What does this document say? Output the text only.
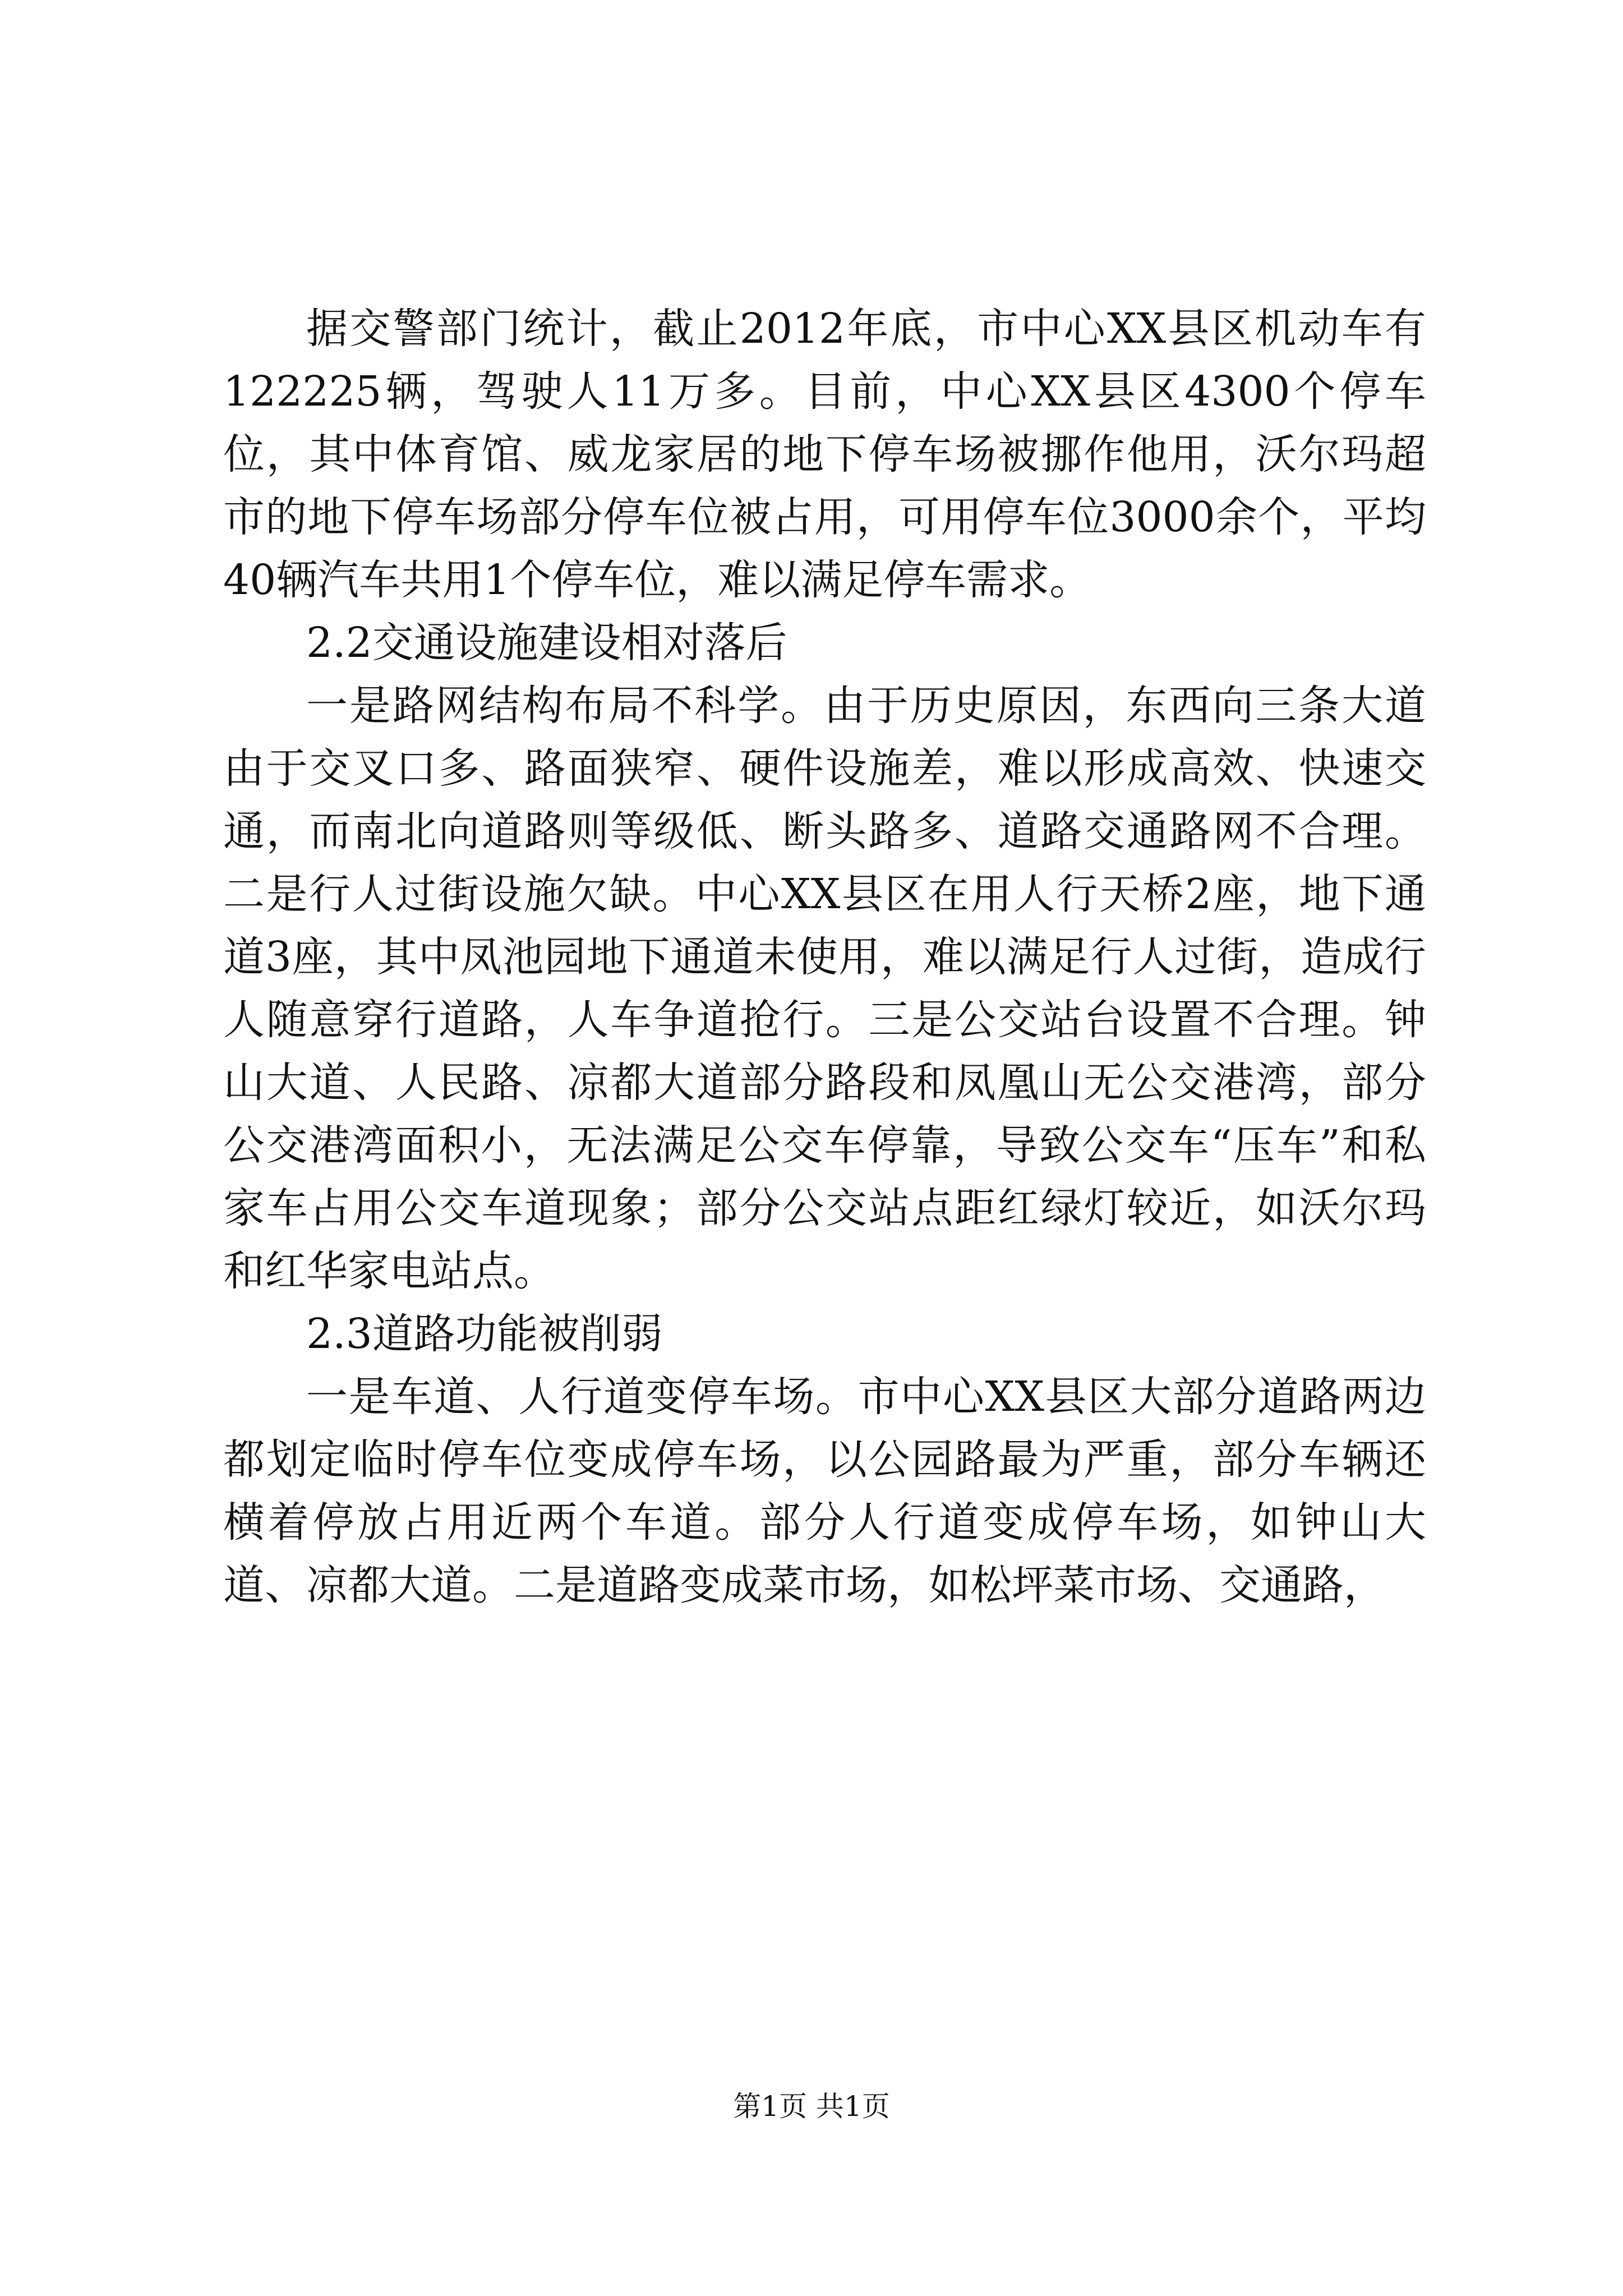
据交警部门统计，截止2012年底，市中心XX县区机动车有122225辆，驾驶人11万多。目前，中心XX县区4300个停车位，其中体育馆、威龙家居的地下停车场被挪作他用，沃尔玛超市的地下停车场部分停车位被占用，可用停车位3000余个，平均40辆汽车共用1个停车位，难以满足停车需求。

2.2交通设施建设相对落后

一是路网结构布局不科学。由于历史原因，东西向三条大道由于交叉口多、路面狭窄、硬件设施差，难以形成高效、快速交通，而南北向道路则等级低、断头路多、道路交通路网不合理。二是行人过街设施欠缺。中心XX县区在用人行天桥2座，地下通道3座，其中凤池园地下通道未使用，难以满足行人过街，造成行人随意穿行道路，人车争道抢行。三是公交站台设置不合理。钟山大道、人民路、凉都大道部分路段和凤凰山无公交港湾，部分公交港湾面积小，无法满足公交车停靠，导致公交车“压车”和私家车占用公交车道现象；部分公交站点距红绿灯较近，如沃尔玛和红华家电站点。

2.3道路功能被削弱

一是车道、人行道变停车场。市中心XX县区大部分道路两边都划定临时停车位变成停车场，以公园路最为严重，部分车辆还横着停放占用近两个车道。部分人行道变成停车场，如钟山大道、凉都大道。二是道路变成菜市场，如松坪菜市场、交通路，

第1页 共1页
